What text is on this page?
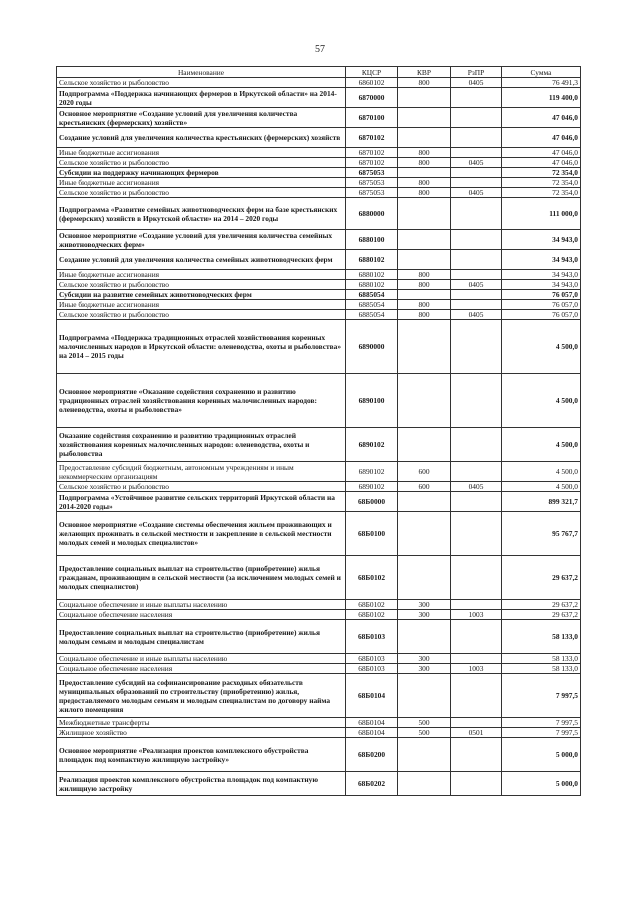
57
Наименование	КЦСР	КВР	РзПР	Сумма
Сельское хозяйство и рыболовство	6860102	800	0405	76 491,3
Подпрограмма «Поддержка начинающих фермеров в Иркутской области» на 2014-2020 годы	6870000			119 400,0
Основное мероприятие «Создание условий для увеличения количества крестьянских (фермерских) хозяйств»	6870100			47 046,0
Создание условий для увеличения количества крестьянских (фермерских) хозяйств	6870102			47 046,0
Иные бюджетные ассигнования	6870102	800		47 046,0
Сельское хозяйство и рыболовство	6870102	800	0405	47 046,0
Субсидии на поддержку начинающих фермеров	6875053			72 354,0
Иные бюджетные ассигнования	6875053	800		72 354,0
Сельское хозяйство и рыболовство	6875053	800	0405	72 354,0
Подпрограмма «Развитие семейных животноводческих ферм на базе крестьянских (фермерских) хозяйств в Иркутской области» на 2014 – 2020 годы	6880000			111 000,0
Основное мероприятие «Создание условий для увеличения количества семейных животноводческих ферм»	6880100			34 943,0
Создание условий для увеличения количества семейных животноводческих ферм	6880102			34 943,0
Иные бюджетные ассигнования	6880102	800		34 943,0
Сельское хозяйство и рыболовство	6880102	800	0405	34 943,0
Субсидии на развитие семейных животноводческих ферм	6885054			76 057,0
Иные бюджетные ассигнования	6885054	800		76 057,0
Сельское хозяйство и рыболовство	6885054	800	0405	76 057,0
Подпрограмма «Поддержка традиционных отраслей хозяйствования коренных малочисленных народов в Иркутской области: оленеводства, охоты и рыболовства» на 2014 – 2015 годы	6890000			4 500,0
Основное мероприятие «Оказание содействия сохранению и развитию традиционных отраслей хозяйствования коренных малочисленных народов: оленеводства, охоты и рыболовства»	6890100			4 500,0
Оказание содействия сохранению и развитию традиционных отраслей хозяйствования коренных малочисленных народов: оленеводства, охоты и рыболовства	6890102			4 500,0
Предоставление субсидий бюджетным, автономным учреждениям и иным некоммерческим организациям	6890102	600		4 500,0
Сельское хозяйство и рыболовство	6890102	600	0405	4 500,0
Подпрограмма «Устойчивое развитие сельских территорий Иркутской области на 2014-2020 годы»	68Б0000			899 321,7
Основное мероприятие «Создание системы обеспечения жильем проживающих и желающих проживать в сельской местности и закрепление в сельской местности молодых семей и молодых специалистов»	68Б0100			95 767,7
Предоставление социальных выплат на строительство (приобретение) жилья гражданам, проживающим в сельской местности (за исключением молодых семей и молодых специалистов)	68Б0102			29 637,2
Социальное обеспечение и иные выплаты населению	68Б0102	300		29 637,2
Социальное обеспечение населения	68Б0102	300	1003	29 637,2
Предоставление социальных выплат на строительство (приобретение) жилья молодым семьям и молодым специалистам	68Б0103			58 133,0
Социальное обеспечение и иные выплаты населению	68Б0103	300		58 133,0
Социальное обеспечение населения	68Б0103	300	1003	58 133,0
Предоставление субсидий на софинансирование расходных обязательств муниципальных образований по строительству (приобретению) жилья, предоставляемого молодым семьям и молодым специалистам по договору найма жилого помещения	68Б0104			7 997,5
Межбюджетные трансферты	68Б0104	500		7 997,5
Жилищное хозяйство	68Б0104	500	0501	7 997,5
Основное мероприятие «Реализация проектов комплексного обустройства площадок под компактную жилищную застройку»	68Б0200			5 000,0
Реализация проектов комплексного обустройства площадок под компактную жилищную застройку	68Б0202			5 000,0
